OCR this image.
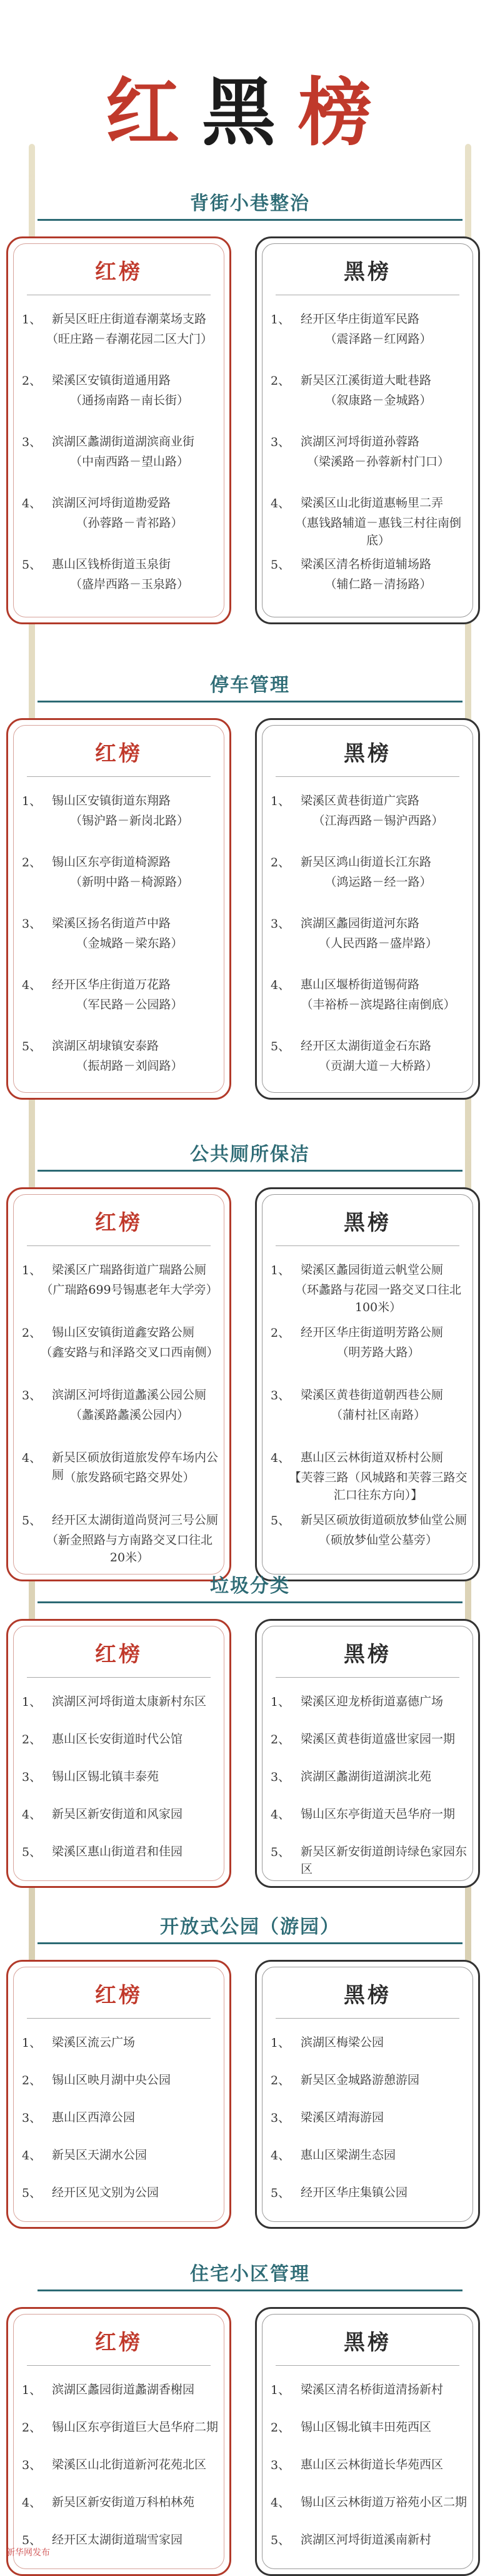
红黑榜
背街小巷整治
红榜
1、 新吴区旺庄街道春潮菜场支路
（旺庄路－春潮花园二区大门）
2、 梁溪区安镇街道通用路
（通扬南路－南长街）
3、 滨湖区蠡湖街道湖滨商业街
（中南西路－望山路）
4、 滨湖区河埒街道勘爱路
（孙蓉路－青祁路）
5、 惠山区钱桥街道玉泉街
（盛岸西路－玉泉路）
黑榜
1、 经开区华庄街道军民路
（震泽路－红网路）
2、 新吴区江溪街道大毗巷路
（叙康路－金城路）
3、 滨湖区河埒街道孙蓉路
（梁溪路－孙蓉新村门口）
4、 梁溪区山北街道惠畅里二弄
（惠钱路辅道－惠钱三村往南倒底）
5、 梁溪区清名桥街道辅场路
（辅仁路－清扬路）
停车管理
红榜
1、 锡山区安镇街道东翔路
（锡沪路－新岗北路）
2、 锡山区东亭街道椅源路
（新明中路－椅源路）
3、 梁溪区扬名街道芦中路
（金城路－梁东路）
4、 经开区华庄街道万花路
（军民路－公园路）
5、 滨湖区胡埭镇安泰路
（振胡路－刘闾路）
黑榜
1、 梁溪区黄巷街道广宾路
（江海西路－锡沪西路）
2、 新吴区鸿山街道长江东路
（鸿运路－经一路）
3、 滨湖区蠡园街道河东路
（人民西路－盛岸路）
4、 惠山区堰桥街道锡荷路
（丰裕桥－滨堤路往南倒底）
5、 经开区太湖街道金石东路
（贡湖大道－大桥路）
公共厕所保洁
红榜
1、 梁溪区广瑞路街道广瑞路公厕
（广瑞路699号锡惠老年大学旁）
2、 锡山区安镇街道鑫安路公厕
（鑫安路与和泽路交叉口西南侧）
3、 滨湖区河埒街道蠡溪公园公厕
（蠡溪路蠡溪公园内）
4、 新吴区硕放街道旅发停车场内公厕 （旅发路硕宅路交界处）
5、 经开区太湖街道尚贤河三号公厕
（新金照路与方南路交叉口往北20米）
黑榜
1、 梁溪区蠡园街道云帆堂公厕
（环蠡路与花园一路交叉口往北100米）
2、 经开区华庄街道明芳路公厕
（明芳路大路）
3、 梁溪区黄巷街道朝西巷公厕
（蒲村社区南路）
4、 惠山区云林街道双桥村公厕
【芙蓉三路（风城路和芙蓉三路交汇口往东方向）】
5、 新吴区硕放街道硕放梦仙堂公厕
（硕放梦仙堂公墓旁）
垃圾分类
红榜
1、 滨湖区河埒街道太康新村东区
2、 惠山区长安街道时代公馆
3、 锡山区锡北镇丰泰苑
4、 新吴区新安街道和风家园
5、 梁溪区惠山街道君和佳园
黑榜
1、 梁溪区迎龙桥街道嘉德广场
2、 梁溪区黄巷街道盛世家园一期
3、 滨湖区蠡湖街道湖滨北苑
4、 锡山区东亭街道天邑华府一期
5、 新吴区新安街道朗诗绿色家园东区
开放式公园（游园）
红榜
1、 梁溪区流云广场
2、 锡山区映月湖中央公园
3、 惠山区西漳公园
4、 新吴区天湖水公园
5、 经开区见文别为公园
黑榜
1、 滨湖区梅梁公园
2、 新吴区金城路游憩游园
3、 梁溪区靖海游园
4、 惠山区梁湖生态园
5、 经开区华庄集镇公园
住宅小区管理
红榜
1、 滨湖区蠡园街道蠡湖香榭园
2、 锡山区东亭街道巨大邑华府二期
3、 梁溪区山北街道新河花苑北区
4、 新吴区新安街道万科柏林苑
5、 经开区太湖街道瑞雪家园
黑榜
1、 梁溪区清名桥街道清扬新村
2、 锡山区锡北镇丰田苑西区
3、 惠山区云林街道长华苑西区
4、 锡山区云林街道万裕苑小区二期
5、 滨湖区河埒街道溪南新村
新华网发布
